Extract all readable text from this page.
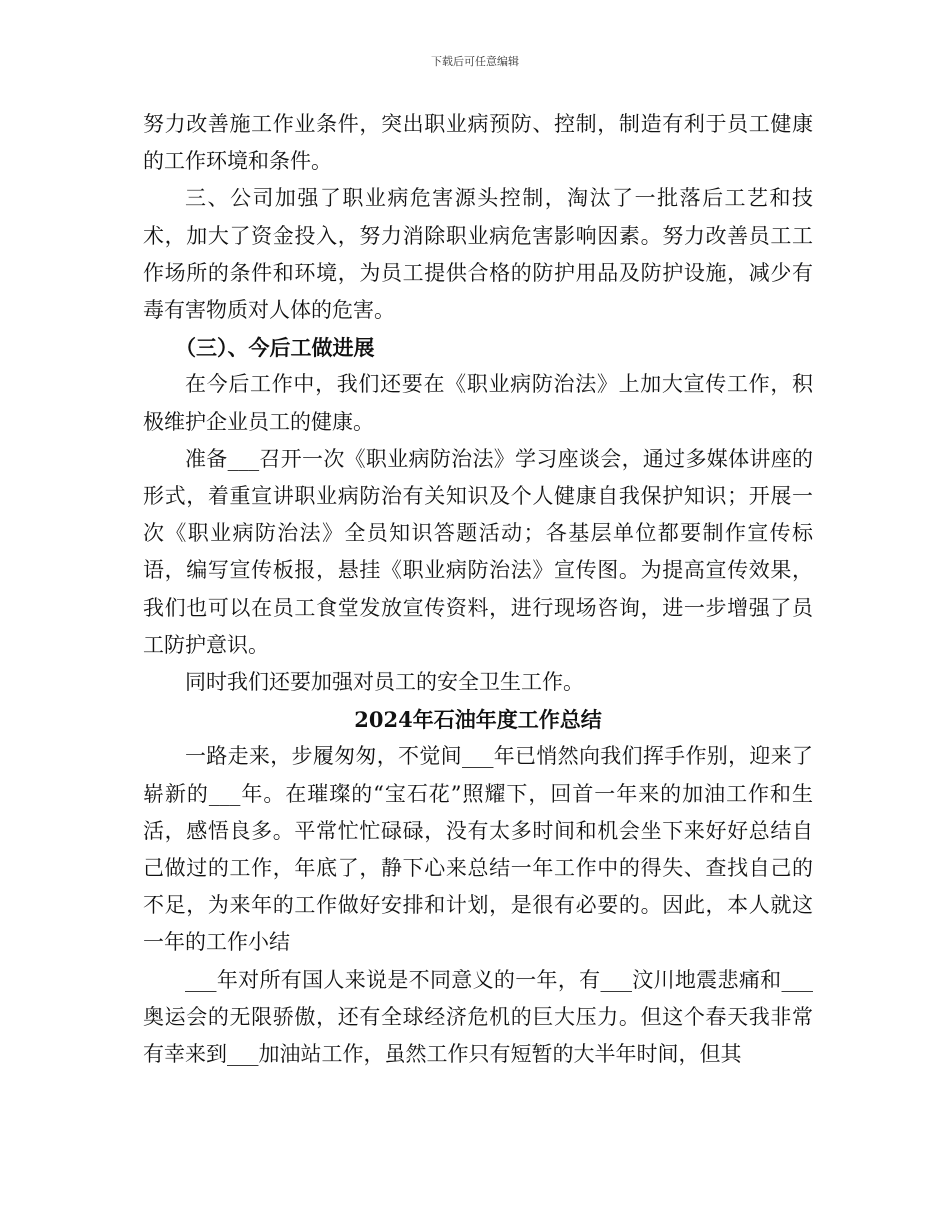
下载后可任意编辑

努力改善施工作业条件，突出职业病预防、控制，制造有利于员工健康的工作环境和条件。

三、公司加强了职业病危害源头控制，淘汰了一批落后工艺和技术，加大了资金投入，努力消除职业病危害影响因素。努力改善员工工作场所的条件和环境，为员工提供合格的防护用品及防护设施，减少有毒有害物质对人体的危害。

（三）、今后工做进展

在今后工作中，我们还要在《职业病防治法》上加大宣传工作，积极维护企业员工的健康。

准备___召开一次《职业病防治法》学习座谈会，通过多媒体讲座的形式，着重宣讲职业病防治有关知识及个人健康自我保护知识；开展一次《职业病防治法》全员知识答题活动；各基层单位都要制作宣传标语，编写宣传板报，悬挂《职业病防治法》宣传图。为提高宣传效果，我们也可以在员工食堂发放宣传资料，进行现场咨询，进一步增强了员工防护意识。

同时我们还要加强对员工的安全卫生工作。

2024年石油年度工作总结

一路走来，步履匆匆，不觉间___年已悄然向我们挥手作别，迎来了崭新的___年。在璀璨的“宝石花”照耀下，回首一年来的加油工作和生活，感悟良多。平常忙忙碌碌，没有太多时间和机会坐下来好好总结自己做过的工作，年底了，静下心来总结一年工作中的得失、查找自己的不足，为来年的工作做好安排和计划，是很有必要的。因此，本人就这一年的工作小结

___年对所有国人来说是不同意义的一年，有___汶川地震悲痛和___奥运会的无限骄傲，还有全球经济危机的巨大压力。但这个春天我非常有幸来到___加油站工作，虽然工作只有短暂的大半年时间，但其
